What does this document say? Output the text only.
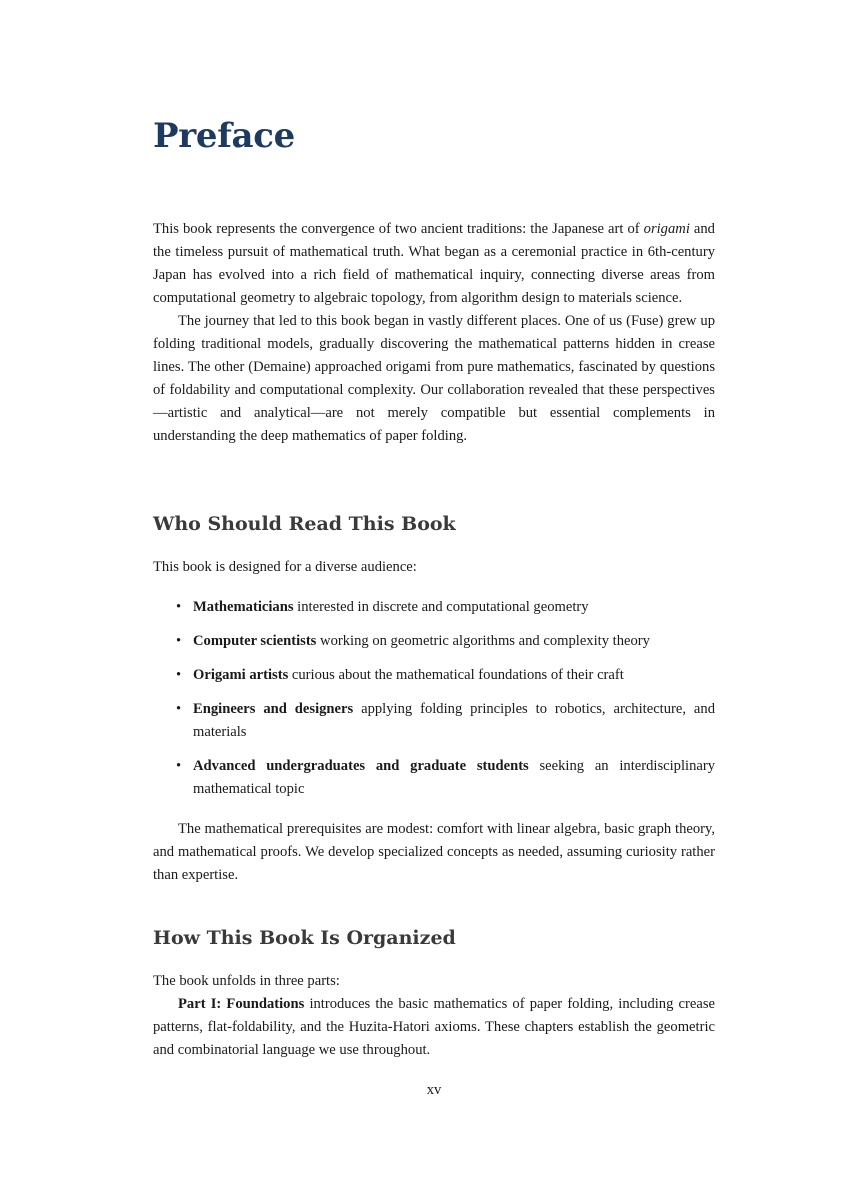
Preface

This book represents the convergence of two ancient traditions: the Japanese art of origami and the timeless pursuit of mathematical truth. What began as a ceremonial practice in 6th-century Japan has evolved into a rich field of mathematical inquiry, connecting diverse areas from computational geometry to algebraic topology, from algorithm design to materials science.

The journey that led to this book began in vastly different places. One of us (Fuse) grew up folding traditional models, gradually discovering the mathematical patterns hidden in crease lines. The other (Demaine) approached origami from pure mathematics, fascinated by questions of foldability and computational complexity. Our collaboration revealed that these perspectives—artistic and analytical—are not merely compatible but essential complements in understanding the deep mathematics of paper folding.

Who Should Read This Book

This book is designed for a diverse audience:

• Mathematicians interested in discrete and computational geometry
• Computer scientists working on geometric algorithms and complexity theory
• Origami artists curious about the mathematical foundations of their craft
• Engineers and designers applying folding principles to robotics, architecture, and materials
• Advanced undergraduates and graduate students seeking an interdisciplinary mathematical topic

The mathematical prerequisites are modest: comfort with linear algebra, basic graph theory, and mathematical proofs. We develop specialized concepts as needed, assuming curiosity rather than expertise.

How This Book Is Organized

The book unfolds in three parts:

Part I: Foundations introduces the basic mathematics of paper folding, including crease patterns, flat-foldability, and the Huzita-Hatori axioms. These chapters establish the geometric and combinatorial language we use throughout.

xv
